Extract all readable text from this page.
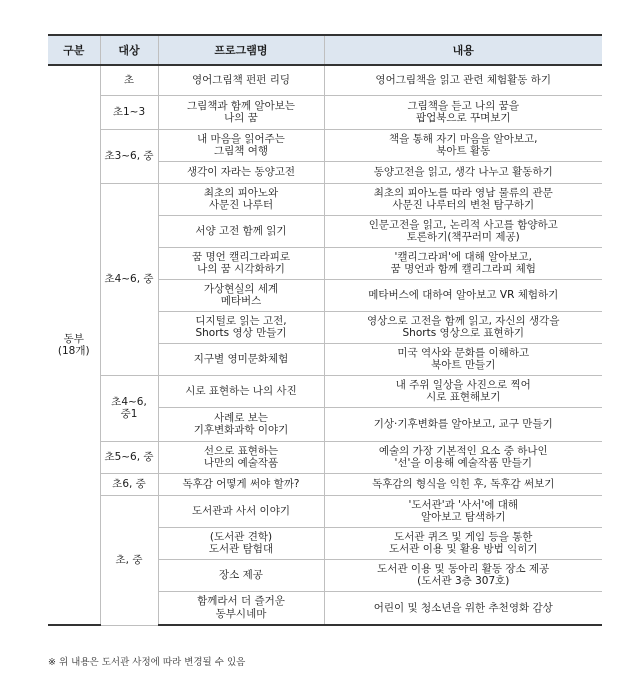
구분	대상	프로그램명	내용

동부
(18개)	초	영어그림책 펀펀 리딩	영어그림책을 읽고 관련 체험활동 하기

	초1~3	그림책과 함께 알아보는
나의 꿈	그림책을 듣고 나의 꿈을
팝업북으로 꾸며보기

	초3~6, 중	내 마음을 읽어주는
그림책 여행	책을 통해 자기 마음을 알아보고,
북아트 활동

		생각이 자라는 동양고전	동양고전을 읽고, 생각 나누고 활동하기

	초4~6, 중	최초의 피아노와
사문진 나루터	최초의 피아노를 따라 영남 물류의 관문
사문진 나루터의 변천 탐구하기

		서양 고전 함께 읽기	인문고전을 읽고, 논리적 사고를 함양하고
토론하기(책꾸러미 제공)

		꿈 명언 캘리그라피로
나의 꿈 시각화하기	'캘리그라퍼'에 대해 알아보고,
꿈 명언과 함께 캘리그라피 체험

		가상현실의 세계
메타버스	메타버스에 대하여 알아보고 VR 체험하기

		디지털로 읽는 고전,
Shorts 영상 만들기	영상으로 고전을 함께 읽고, 자신의 생각을
Shorts 영상으로 표현하기

		지구별 영미문화체험	미국 역사와 문화를 이해하고
북아트 만들기

	초4~6,
중1	시로 표현하는 나의 사진	내 주위 일상을 사진으로 찍어
시로 표현해보기

		사례로 보는
기후변화과학 이야기	기상·기후변화를 알아보고, 교구 만들기

	초5~6, 중	선으로 표현하는
나만의 예술작품	예술의 가장 기본적인 요소 중 하나인
'선'을 이용해 예술작품 만들기

	초6, 중	독후감 어떻게 써야 할까?	독후감의 형식을 익힌 후, 독후감 써보기

	초, 중	도서관과 사서 이야기	'도서관'과 '사서'에 대해
알아보고 탐색하기

		(도서관 견학)
도서관 탐험대	도서관 퀴즈 및 게임 등을 통한
도서관 이용 및 활용 방법 익히기

		장소 제공	도서관 이용 및 동아리 활동 장소 제공
(도서관 3층 307호)

		함께라서 더 즐거운
동부시네마	어린이 및 청소년을 위한 추천영화 감상
※ 위 내용은 도서관 사정에 따라 변경될 수 있음
